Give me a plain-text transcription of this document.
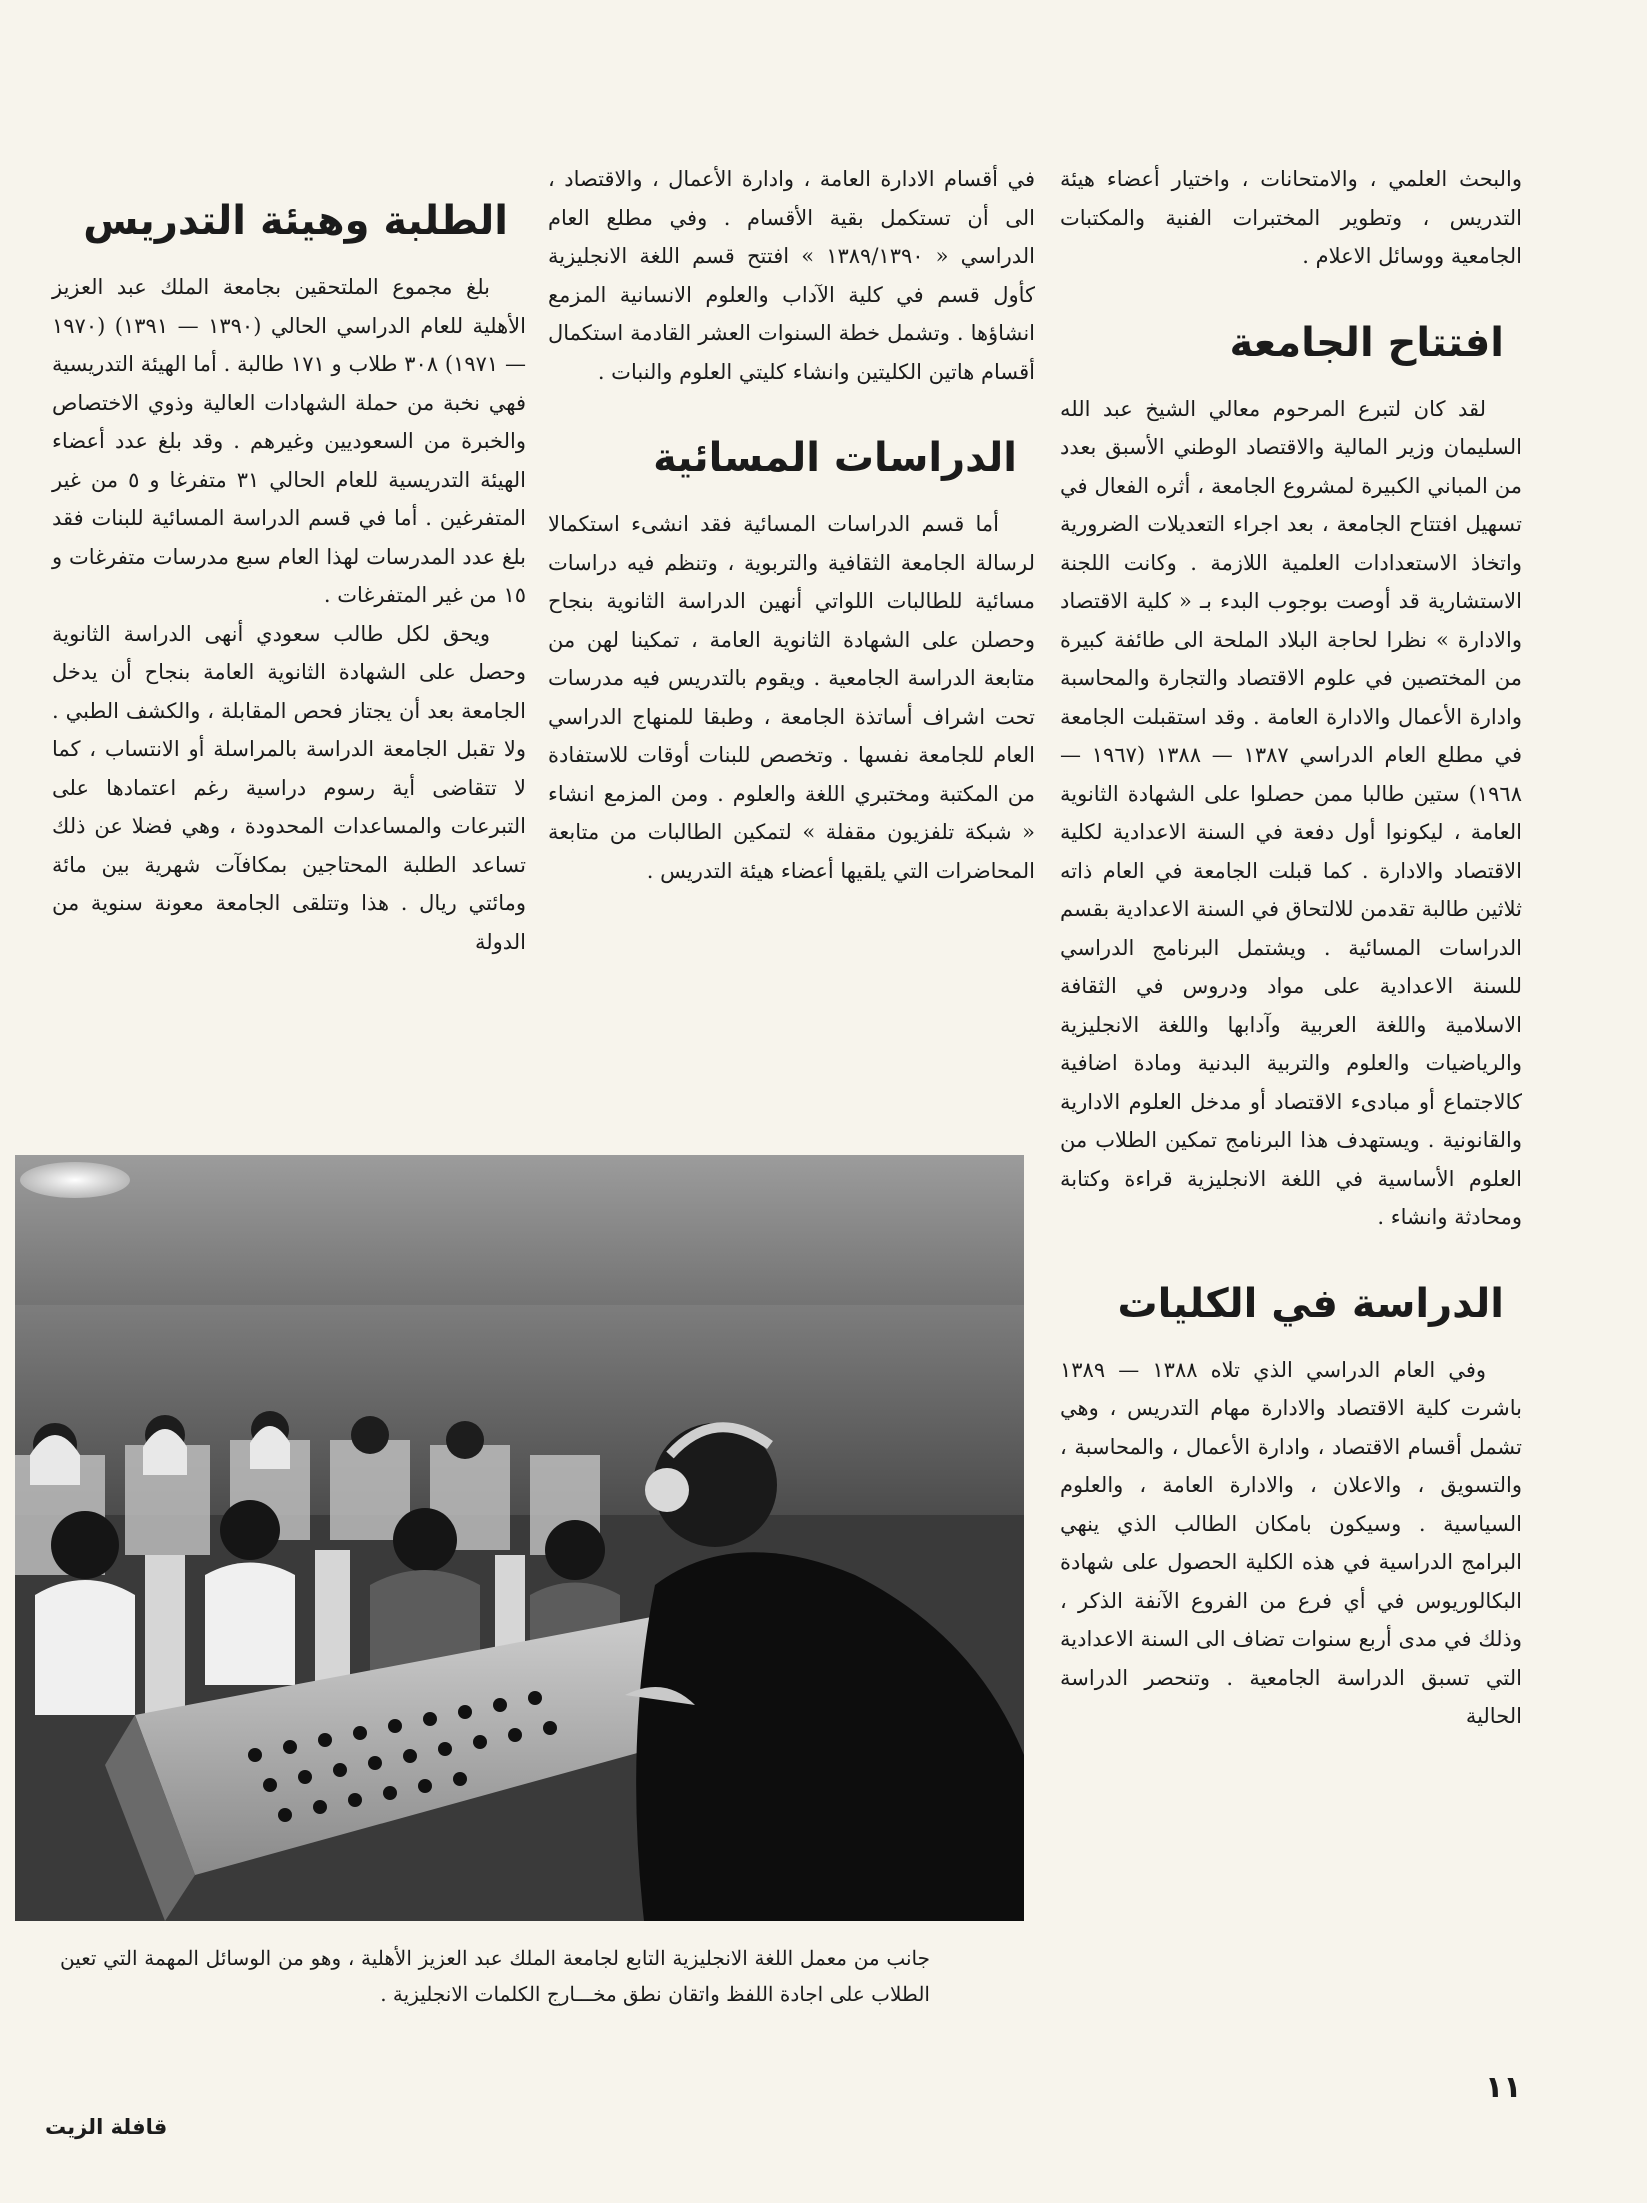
والبحث العلمي ، والامتحانات ، واختيار أعضاء هيئة التدريس ، وتطوير المختبرات الفنية والمكتبات الجامعية ووسائل الاعلام .

افتتاح الجامعة

لقد كان لتبرع المرحوم معالي الشيخ عبد الله السليمان وزير المالية والاقتصاد الوطني الأسبق بعدد من المباني الكبيرة لمشروع الجامعة ، أثره الفعال في تسهيل افتتاح الجامعة ، بعد اجراء التعديلات الضرورية واتخاذ الاستعدادات العلمية اللازمة . وكانت اللجنة الاستشارية قد أوصت بوجوب البدء بـ « كلية الاقتصاد والادارة » نظرا لحاجة البلاد الملحة الى طائفة كبيرة من المختصين في علوم الاقتصاد والتجارة والمحاسبة وادارة الأعمال والادارة العامة . وقد استقبلت الجامعة في مطلع العام الدراسي ١٣٨٧ — ١٣٨٨ (١٩٦٧ — ١٩٦٨) ستين طالبا ممن حصلوا على الشهادة الثانوية العامة ، ليكونوا أول دفعة في السنة الاعدادية لكلية الاقتصاد والادارة . كما قبلت الجامعة في العام ذاته ثلاثين طالبة تقدمن للالتحاق في السنة الاعدادية بقسم الدراسات المسائية . ويشتمل البرنامج الدراسي للسنة الاعدادية على مواد ودروس في الثقافة الاسلامية واللغة العربية وآدابها واللغة الانجليزية والرياضيات والعلوم والتربية البدنية ومادة اضافية كالاجتماع أو مبادىء الاقتصاد أو مدخل العلوم الادارية والقانونية . ويستهدف هذا البرنامج تمكين الطلاب من العلوم الأساسية في اللغة الانجليزية قراءة وكتابة ومحادثة وانشاء .

الدراسة في الكليات

وفي العام الدراسي الذي تلاه ١٣٨٨ — ١٣٨٩ باشرت كلية الاقتصاد والادارة مهام التدريس ، وهي تشمل أقسام الاقتصاد ، وادارة الأعمال ، والمحاسبة ، والتسويق ، والاعلان ، والادارة العامة ، والعلوم السياسية . وسيكون بامكان الطالب الذي ينهي البرامج الدراسية في هذه الكلية الحصول على شهادة البكالوريوس في أي فرع من الفروع الآنفة الذكر ، وذلك في مدى أربع سنوات تضاف الى السنة الاعدادية التي تسبق الدراسة الجامعية . وتنحصر الدراسة الحالية

في أقسام الادارة العامة ، وادارة الأعمال ، والاقتصاد ، الى أن تستكمل بقية الأقسام . وفي مطلع العام الدراسي « ١٣٨٩/١٣٩٠ » افتتح قسم اللغة الانجليزية كأول قسم في كلية الآداب والعلوم الانسانية المزمع انشاؤها . وتشمل خطة السنوات العشر القادمة استكمال أقسام هاتين الكليتين وانشاء كليتي العلوم والنبات .

الدراسات المسائية

أما قسم الدراسات المسائية فقد انشىء استكمالا لرسالة الجامعة الثقافية والتربوية ، وتنظم فيه دراسات مسائية للطالبات اللواتي أنهين الدراسة الثانوية بنجاح وحصلن على الشهادة الثانوية العامة ، تمكينا لهن من متابعة الدراسة الجامعية . ويقوم بالتدريس فيه مدرسات تحت اشراف أساتذة الجامعة ، وطبقا للمنهاج الدراسي العام للجامعة نفسها . وتخصص للبنات أوقات للاستفادة من المكتبة ومختبري اللغة والعلوم . ومن المزمع انشاء « شبكة تلفزيون مقفلة » لتمكين الطالبات من متابعة المحاضرات التي يلقيها أعضاء هيئة التدريس .

الطلبة وهيئة التدريس

بلغ مجموع الملتحقين بجامعة الملك عبد العزيز الأهلية للعام الدراسي الحالي (١٣٩٠ — ١٣٩١) (١٩٧٠ — ١٩٧١) ٣٠٨ طلاب و ١٧١ طالبة . أما الهيئة التدريسية فهي نخبة من حملة الشهادات العالية وذوي الاختصاص والخبرة من السعوديين وغيرهم . وقد بلغ عدد أعضاء الهيئة التدريسية للعام الحالي ٣١ متفرغا و ٥ من غير المتفرغين . أما في قسم الدراسة المسائية للبنات فقد بلغ عدد المدرسات لهذا العام سبع مدرسات متفرغات و ١٥ من غير المتفرغات .

ويحق لكل طالب سعودي أنهى الدراسة الثانوية وحصل على الشهادة الثانوية العامة بنجاح أن يدخل الجامعة بعد أن يجتاز فحص المقابلة ، والكشف الطبي . ولا تقبل الجامعة الدراسة بالمراسلة أو الانتساب ، كما لا تتقاضى أية رسوم دراسية رغم اعتمادها على التبرعات والمساعدات المحدودة ، وهي فضلا عن ذلك تساعد الطلبة المحتاجين بمكافآت شهرية بين مائة ومائتي ريال . هذا وتتلقى الجامعة معونة سنوية من الدولة

جانب من معمل اللغة الانجليزية التابع لجامعة الملك عبد العزيز الأهلية ، وهو من الوسائل المهمة التي تعين الطلاب على اجادة اللفظ واتقان نطق مخـــارج الكلمات الانجليزية .
١١
قافلة الزيت
